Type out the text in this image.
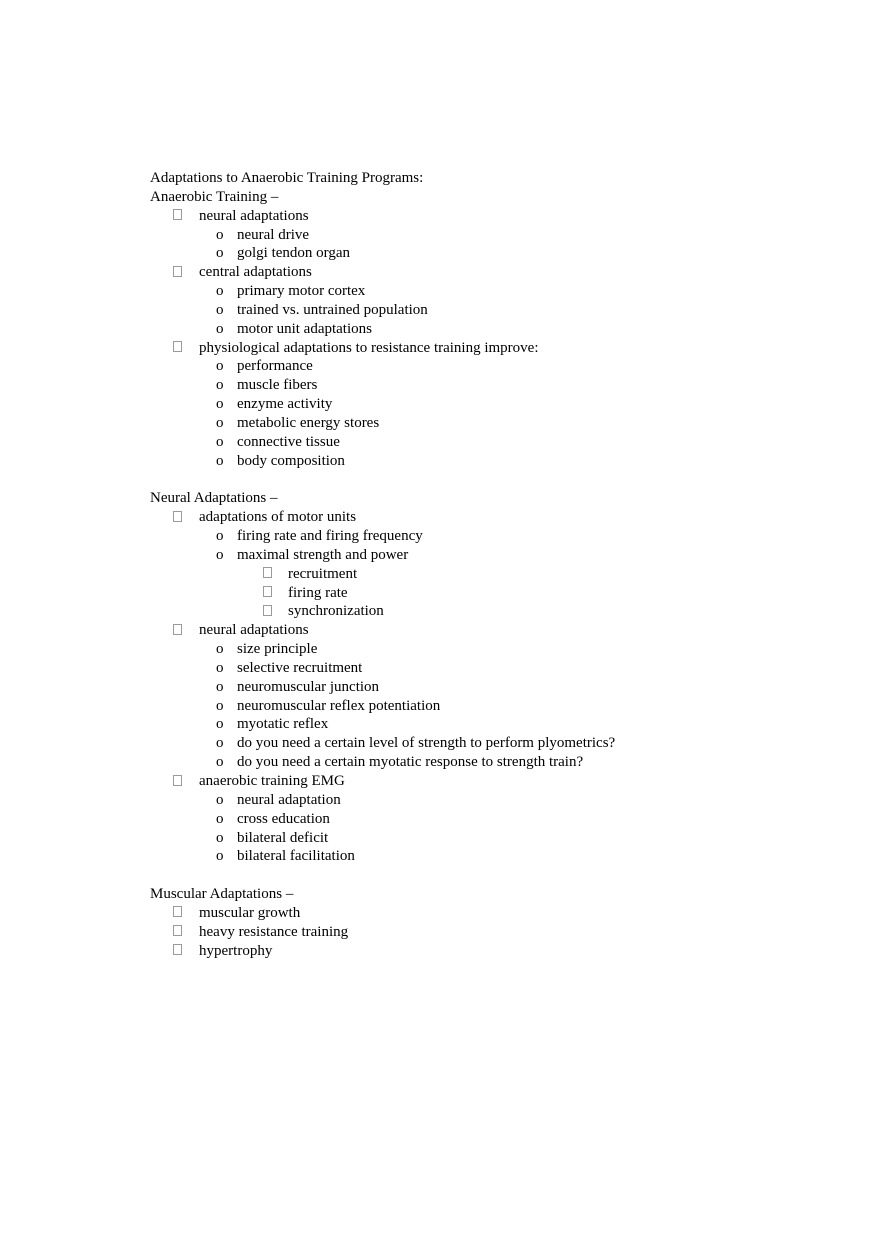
Adaptations to Anaerobic Training Programs:
Anaerobic Training –
neural adaptations
o neural drive
o golgi tendon organ
central adaptations
o primary motor cortex
o trained vs. untrained population
o motor unit adaptations
physiological adaptations to resistance training improve:
o performance
o muscle fibers
o enzyme activity
o metabolic energy stores
o connective tissue
o body composition
Neural Adaptations –
adaptations of motor units
o firing rate and firing frequency
o maximal strength and power
recruitment
firing rate
synchronization
neural adaptations
o size principle
o selective recruitment
o neuromuscular junction
o neuromuscular reflex potentiation
o myotatic reflex
o do you need a certain level of strength to perform plyometrics?
o do you need a certain myotatic response to strength train?
anaerobic training EMG
o neural adaptation
o cross education
o bilateral deficit
o bilateral facilitation
Muscular Adaptations –
muscular growth
heavy resistance training
hypertrophy
